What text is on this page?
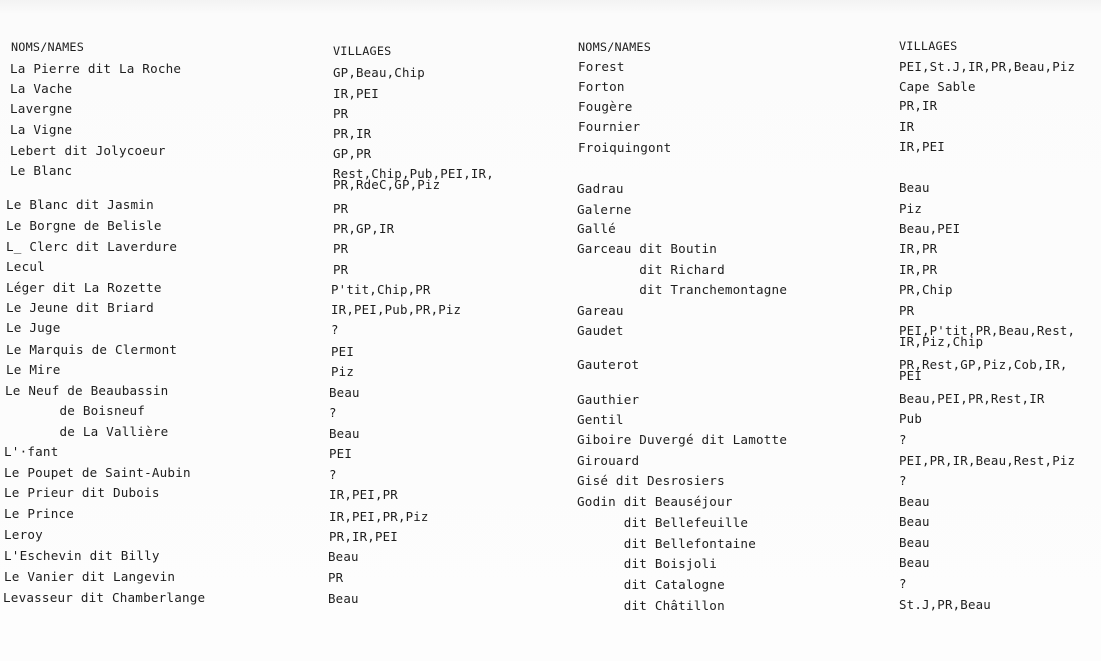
NOMS/NAMES	VILLAGES
La Pierre dit La Roche	GP,Beau,Chip
La Vache	IR,PEI
Lavergne	PR
La Vigne	PR,IR
Lebert dit Jolycoeur	GP,PR
Le Blanc	Rest,Chip,Pub,PEI,IR,
PR,RdeC,GP,Piz
Le Blanc dit Jasmin	PR
Le Borgne de Belisle	PR,GP,IR
L_ Clerc dit Laverdure	PR
Lecul	PR
Léger dit La Rozette	P'tit,Chip,PR
Le Jeune dit Briard	IR,PEI,Pub,PR,Piz
Le Juge	?
Le Marquis de Clermont	PEI
Le Mire	Piz
Le Neuf de Beaubassin	Beau
de Boisneuf	?
de La Vallière	Beau
L'·fant	PEI
Le Poupet de Saint-Aubin	?
Le Prieur dit Dubois	IR,PEI,PR
Le Prince	IR,PEI,PR,Piz
Leroy	PR,IR,PEI
L'Eschevin dit Billy	Beau
Le Vanier dit Langevin	PR
Levasseur dit Chamberlange	Beau
NOMS/NAMES	VILLAGES
Forest	PEI,St.J,IR,PR,Beau,Piz
Forton	Cape Sable
Fougère	PR,IR
Fournier	IR
Froiquingont	IR,PEI
Gadrau	Beau
Galerne	Piz
Gallé	Beau,PEI
Garceau dit Boutin	IR,PR
dit Richard	IR,PR
dit Tranchemontagne	PR,Chip
Gareau	PR
Gaudet	PEI,P'tit,PR,Beau,Rest,
IR,Piz,Chip
Gauterot	PR,Rest,GP,Piz,Cob,IR,
PEI
Gauthier	Beau,PEI,PR,Rest,IR
Gentil	Pub
Giboire Duvergé dit Lamotte	?
Girouard	PEI,PR,IR,Beau,Rest,Piz
Gisé dit Desrosiers	?
Godin dit Beauséjour	Beau
dit Bellefeuille	Beau
dit Bellefontaine	Beau
dit Boisjoli	Beau
dit Catalogne	?
dit Châtillon	St.J,PR,Beau
